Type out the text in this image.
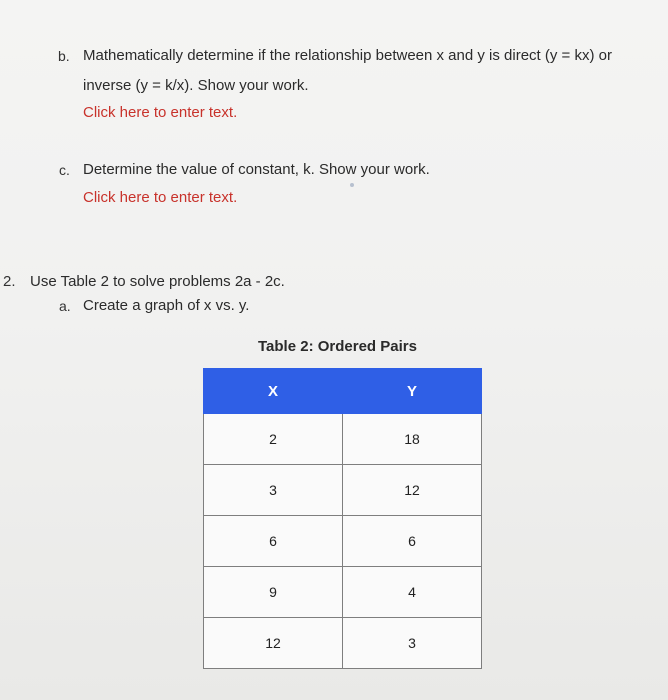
b. Mathematically determine if the relationship between x and y is direct (y = kx) or
inverse (y = k/x). Show your work.
Click here to enter text.
c. Determine the value of constant, k. Show your work.
Click here to enter text.
2. Use Table 2 to solve problems 2a - 2c.
a. Create a graph of x vs. y.
Table 2: Ordered Pairs
X	Y
2	18
3	12
6	6
9	4
12	3
